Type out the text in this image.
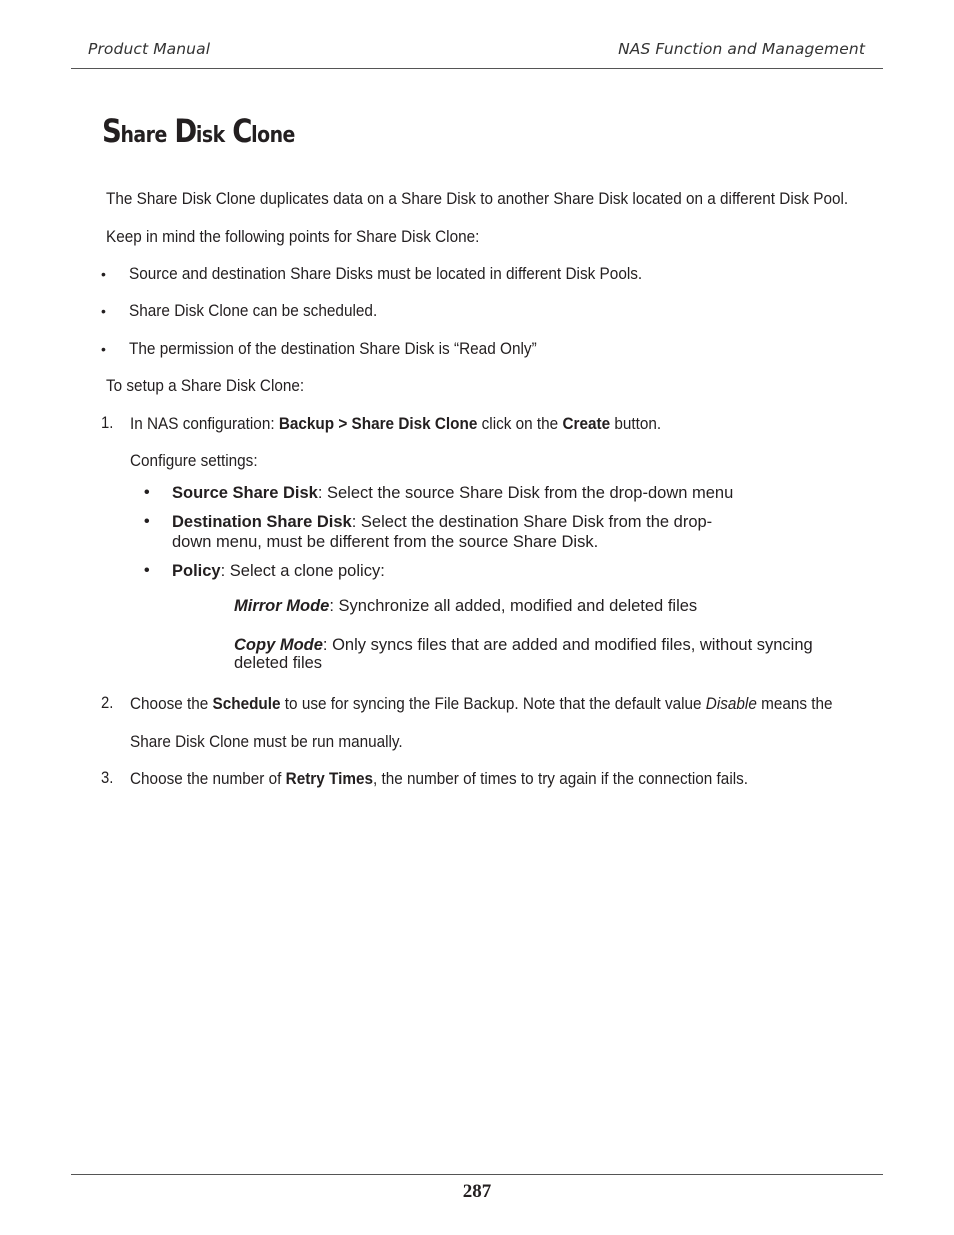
Product Manual	NAS Function and Management
Share Disk Clone
The Share Disk Clone duplicates data on a Share Disk to another Share Disk located on a different Disk Pool.
Keep in mind the following points for Share Disk Clone:
• Source and destination Share Disks must be located in different Disk Pools.
• Share Disk Clone can be scheduled.
• The permission of the destination Share Disk is “Read Only”
To setup a Share Disk Clone:
1. In NAS configuration: Backup > Share Disk Clone click on the Create button.
Configure settings:
• Source Share Disk: Select the source Share Disk from the drop-down menu
• Destination Share Disk: Select the destination Share Disk from the drop-
down menu, must be different from the source Share Disk.
• Policy: Select a clone policy:
Mirror Mode: Synchronize all added, modified and deleted files
Copy Mode: Only syncs files that are added and modified files, without syncing
deleted files
2. Choose the Schedule to use for syncing the File Backup. Note that the default value Disable means the
Share Disk Clone must be run manually.
3. Choose the number of Retry Times, the number of times to try again if the connection fails.
287
